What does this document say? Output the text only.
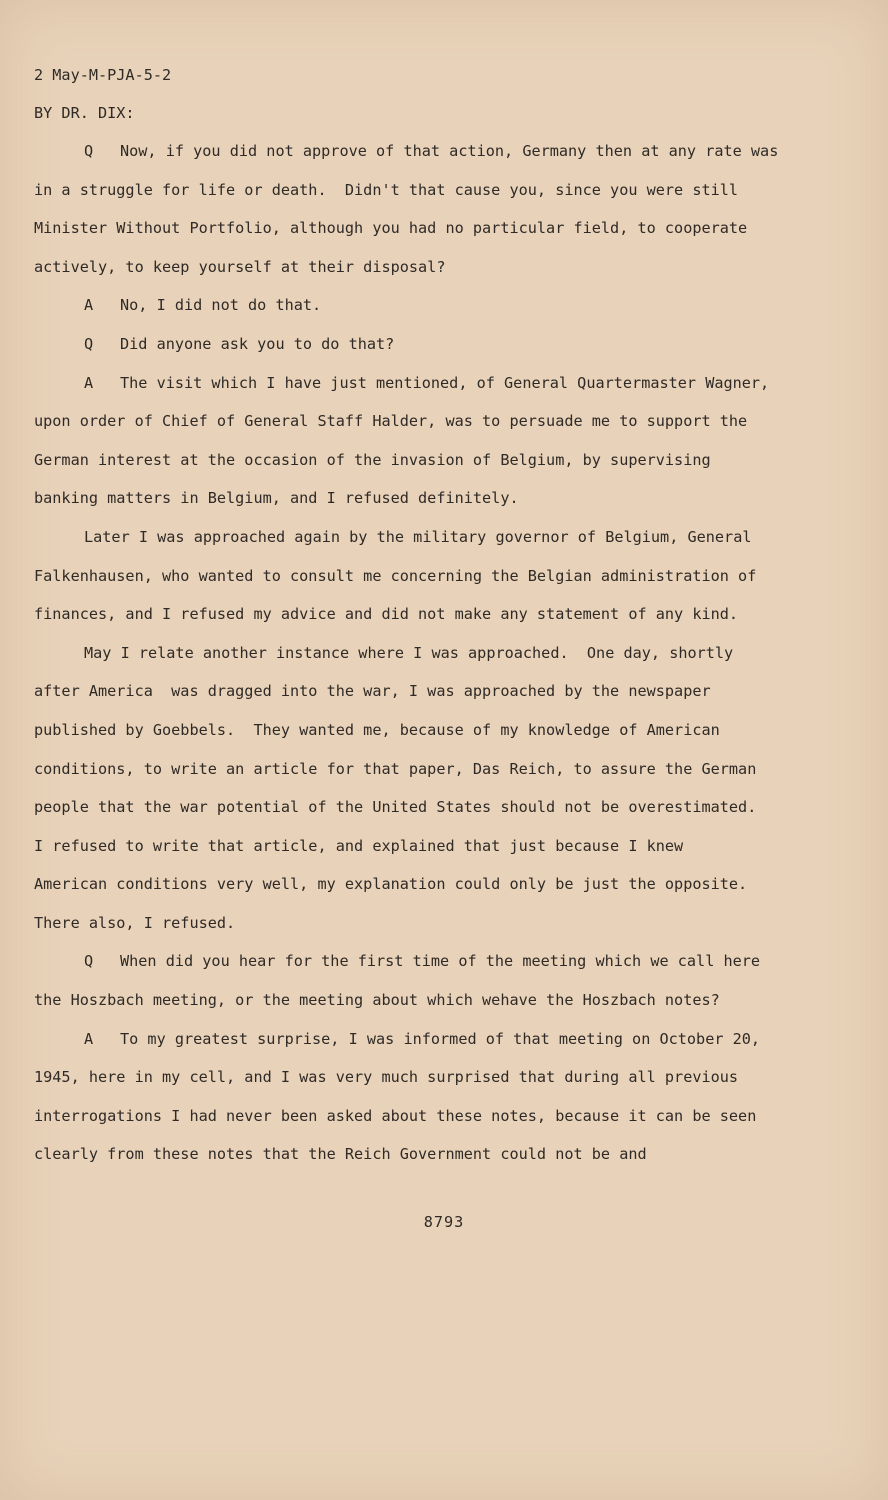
2 May-M-PJA-5-2

BY DR. DIX:

Q Now, if you did not approve of that action, Germany then at any rate was
in a struggle for life or death.  Didn't that cause you, since you were still
Minister Without Portfolio, although you had no particular field, to cooperate
actively, to keep yourself at their disposal?
A No, I did not do that.
Q Did anyone ask you to do that?
A The visit which I have just mentioned, of General Quartermaster Wagner,
upon order of Chief of General Staff Halder, was to persuade me to support the
German interest at the occasion of the invasion of Belgium, by supervising
banking matters in Belgium, and I refused definitely.
Later I was approached again by the military governor of Belgium, General
Falkenhausen, who wanted to consult me concerning the Belgian administration of
finances, and I refused my advice and did not make any statement of any kind.
May I relate another instance where I was approached.  One day, shortly
after America  was dragged into the war, I was approached by the newspaper
published by Goebbels.  They wanted me, because of my knowledge of American
conditions, to write an article for that paper, Das Reich, to assure the German
people that the war potential of the United States should not be overestimated.
I refused to write that article, and explained that just because I knew
American conditions very well, my explanation could only be just the opposite.
There also, I refused.
Q When did you hear for the first time of the meeting which we call here
the Hoszbach meeting, or the meeting about which wehave the Hoszbach notes?
A To my greatest surprise, I was informed of that meeting on October 20,
1945, here in my cell, and I was very much surprised that during all previous
interrogations I had never been asked about these notes, because it can be seen
clearly from these notes that the Reich Government could not be and

8793
